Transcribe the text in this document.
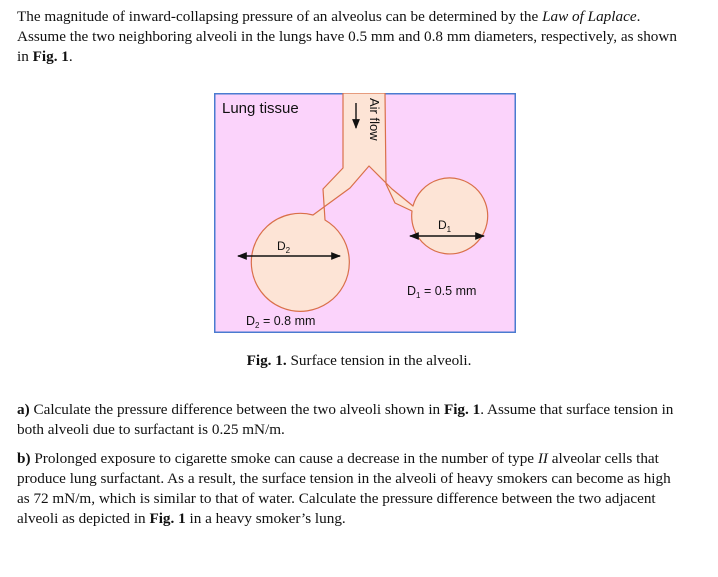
The magnitude of inward-collapsing pressure of an alveolus can be determined by the Law of Laplace. Assume the two neighboring alveoli in the lungs have 0.5 mm and 0.8 mm diameters, respectively, as shown in Fig. 1.

Air flow
Lung tissue
$D_2$
$D_1$
$D_1 = 0.5$ mm
$D_2 = 0.8$ mm
Fig. 1. Surface tension in the alveoli.

a) Calculate the pressure difference between the two alveoli shown in Fig. 1. Assume that surface tension in both alveoli due to surfactant is 0.25 mN/m.

b) Prolonged exposure to cigarette smoke can cause a decrease in the number of type II alveolar cells that produce lung surfactant. As a result, the surface tension in the alveoli of heavy smokers can become as high as 72 mN/m, which is similar to that of water. Calculate the pressure difference between the two adjacent alveoli as depicted in Fig. 1 in a heavy smoker’s lung.
